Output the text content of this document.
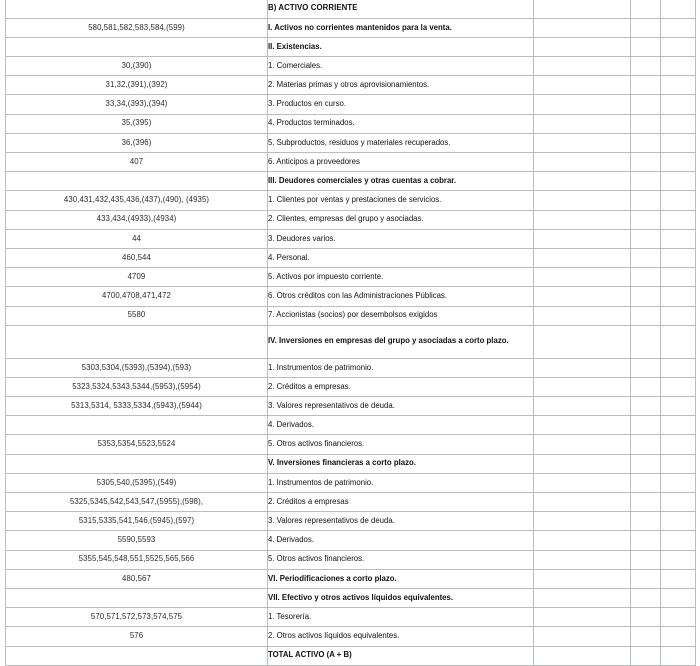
	B) ACTIVO CORRIENTE			
580,581,582,583,584,(599)	I. Activos no corrientes mantenidos para la venta.			
	II. Existencias.			
30,(390)	1. Comerciales.			
31,32,(391),(392)	2. Materias primas y otros aprovisionamientos.			
33,34,(393),(394)	3. Productos en curso.			
35,(395)	4. Productos terminados.			
36,(396)	5. Subproductos, residuos y materiales recuperados.			
407	6. Anticipos a proveedores			
	III. Deudores comerciales y otras cuentas a cobrar.			
430,431,432,435,436,(437),(490), (4935)	1. Clientes por ventas y prestaciones de servicios.			
433,434,(4933),(4934)	2. Clientes, empresas del grupo y asociadas.			
44	3. Deudores varios.			
460,544	4. Personal.			
4709	5. Activos por impuesto corriente.			
4700,4708,471,472	6. Otros créditos con las Administraciones Públicas.			
5580	7. Accionistas (socios) por desembolsos exigidos			
	IV. Inversiones en empresas del grupo y asociadas a corto plazo.			
5303,5304,(5393),(5394),(593)	1. Instrumentos de patrimonio.			
5323,5324,5343,5344,(5953),(5954)	2. Créditos a empresas.			
5313,5314, 5333,5334,(5943),(5944)	3. Valores representativos de deuda.			
	4. Derivados.			
5353,5354,5523,5524	5. Otros activos financieros.			
	V. Inversiones financieras a corto plazo.			
5305,540,(5395),(549)	1. Instrumentos de patrimonio.			
5325,5345,542,543,547,(5955),(598),	2. Créditos a empresas			
5315,5335,541,546,(5945),(597)	3. Valores representativos de deuda.			
5590,5593	4. Derivados.			
5355,545,548,551,5525,565,566	5. Otros activos financieros.			
480,567	VI. Periodificaciones a corto plazo.			
	VII. Efectivo y otros activos líquidos equivalentes.			
570,571,572,573,574,575	1. Tesorería.			
576	2. Otros activos líquidos equivalentes.			
	TOTAL ACTIVO (A + B)			
